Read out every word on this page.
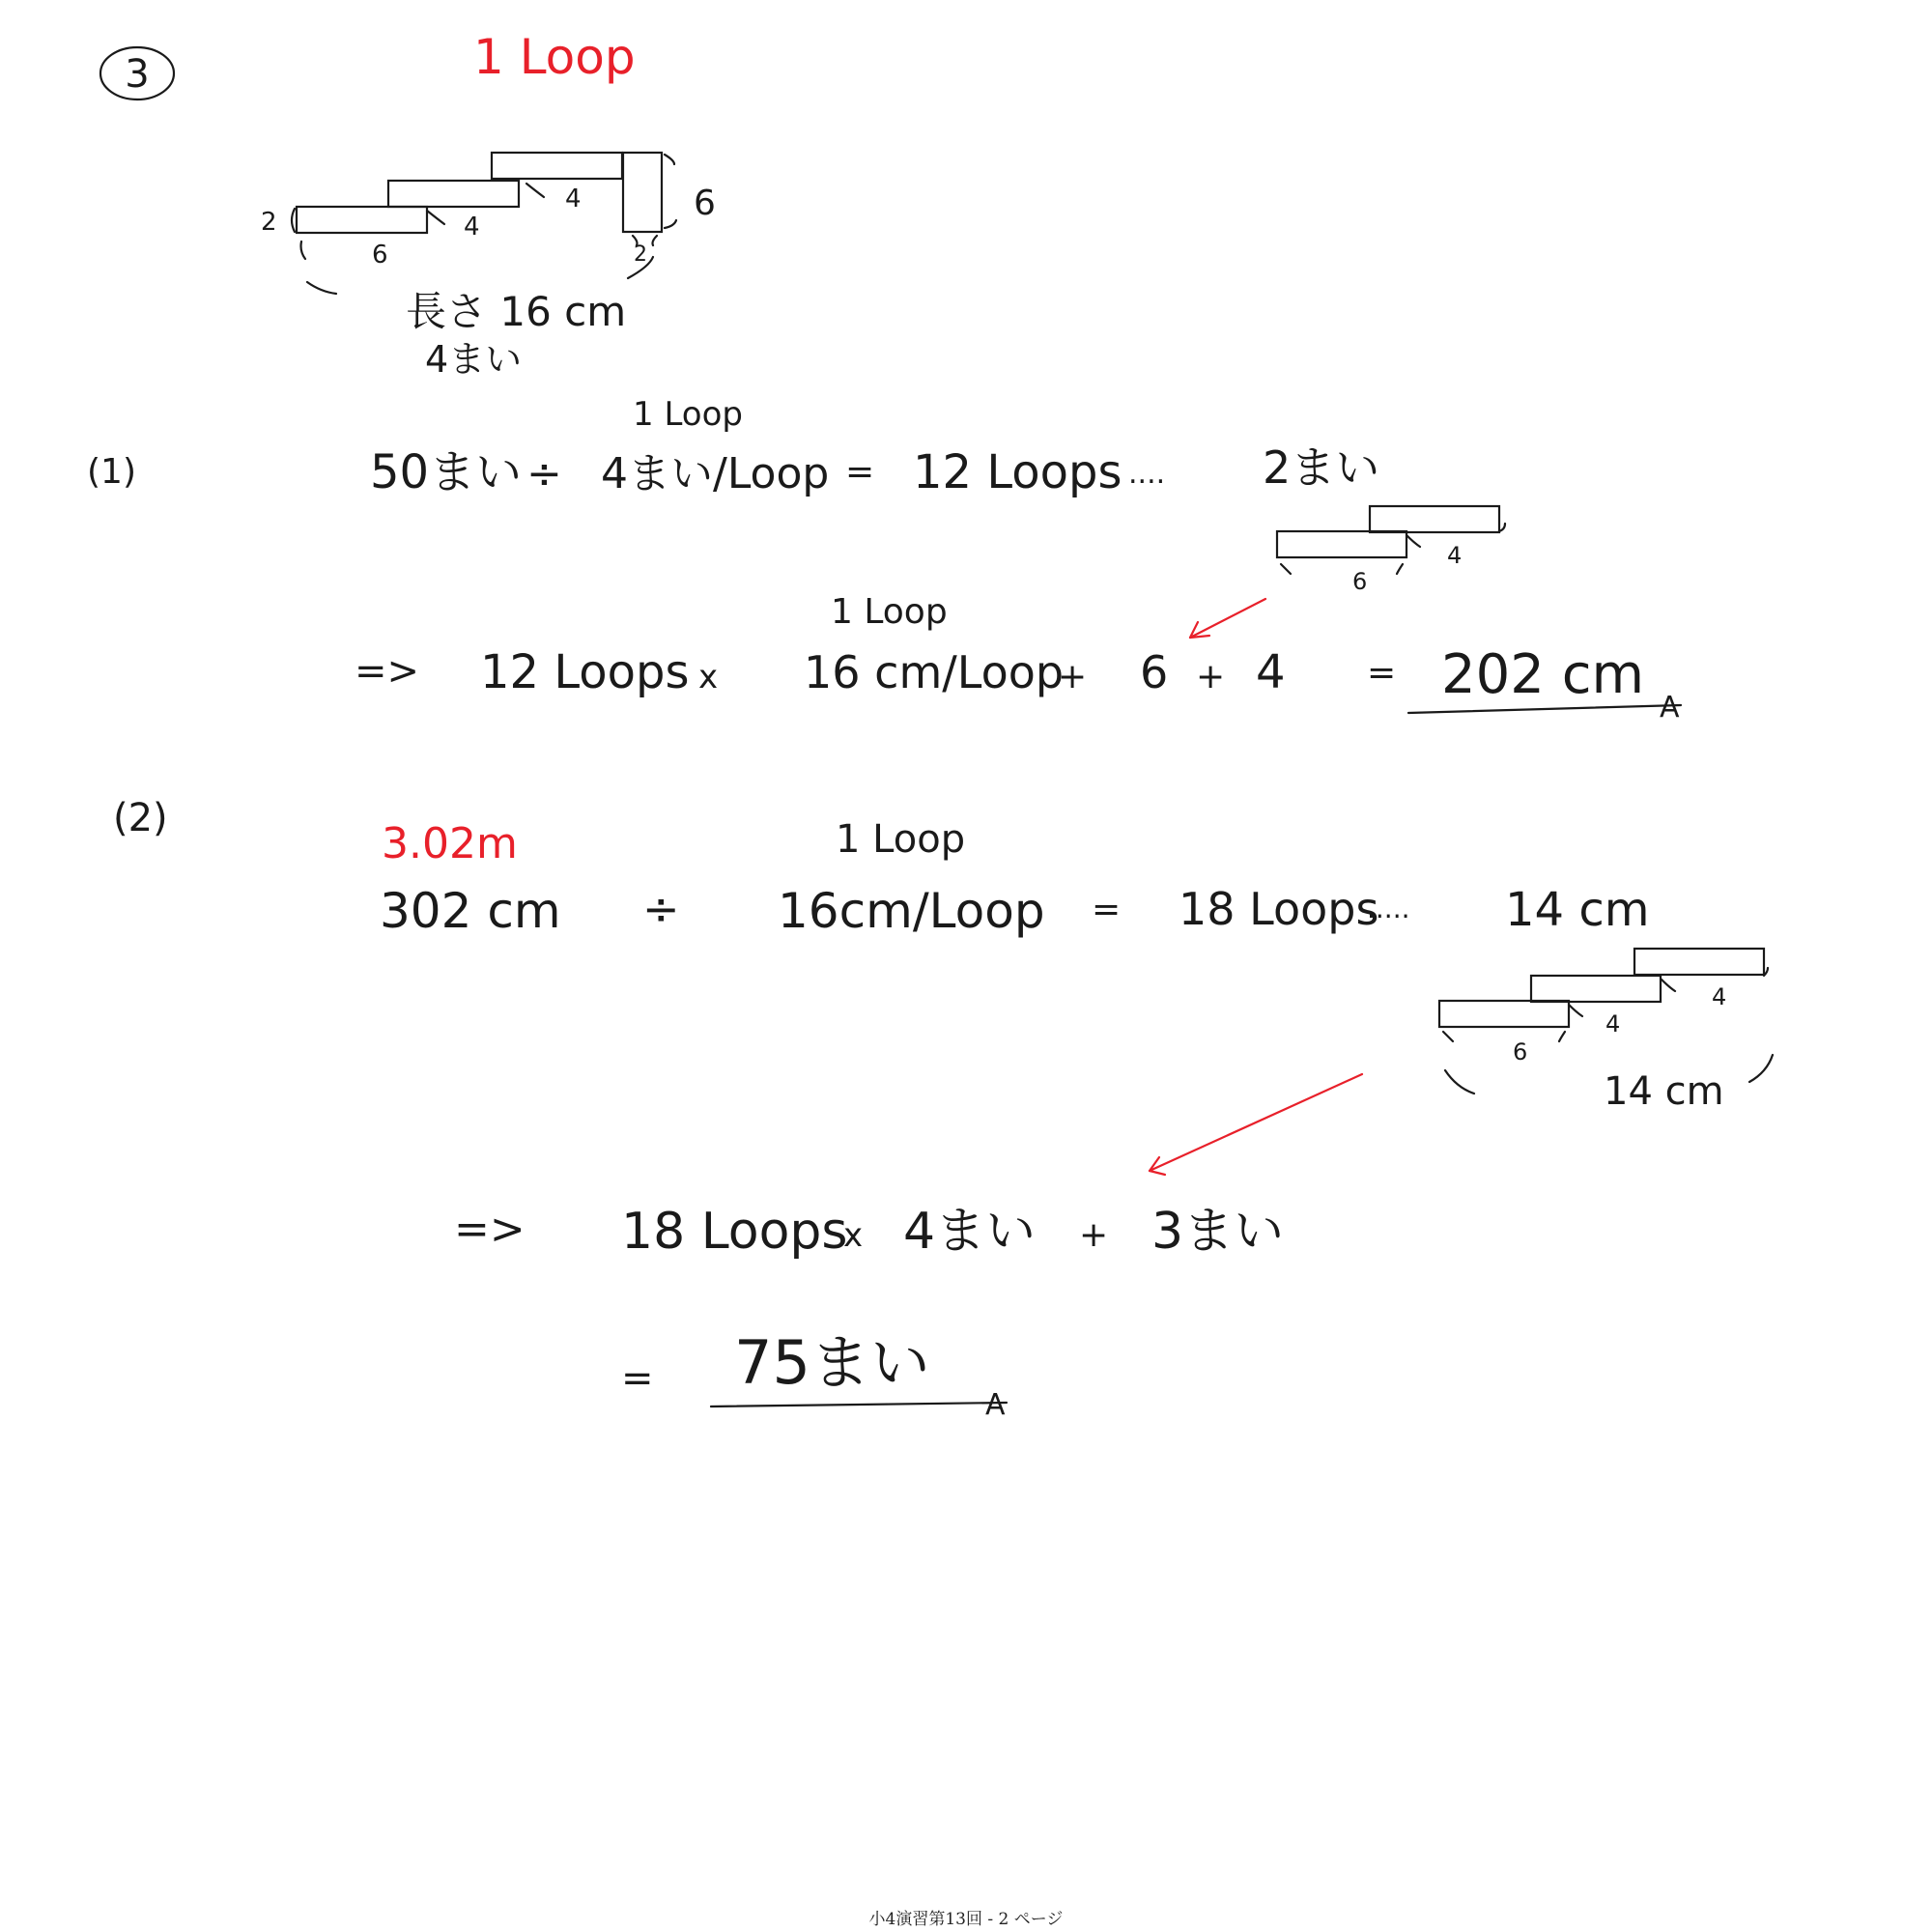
3	1 Loop
2
6
4
4
2
6
長さ 16 cm
4まい
(1)
1 Loop
50まい ÷ 4まい/Loop = 12 Loops .... 2まい
6
4
1 Loop
=> 12 Loops x 16 cm/Loop
+ 6 + 4 = 202 cm
A
(2)
3.02m	1 Loop
302 cm ÷ 16cm/Loop = 18 Loops
..... 14 cm
6
4
4
14 cm
=> 18 Loops
x 4まい + 3まい
= 75まい
A
小4演習第13回 - 2 ページ
